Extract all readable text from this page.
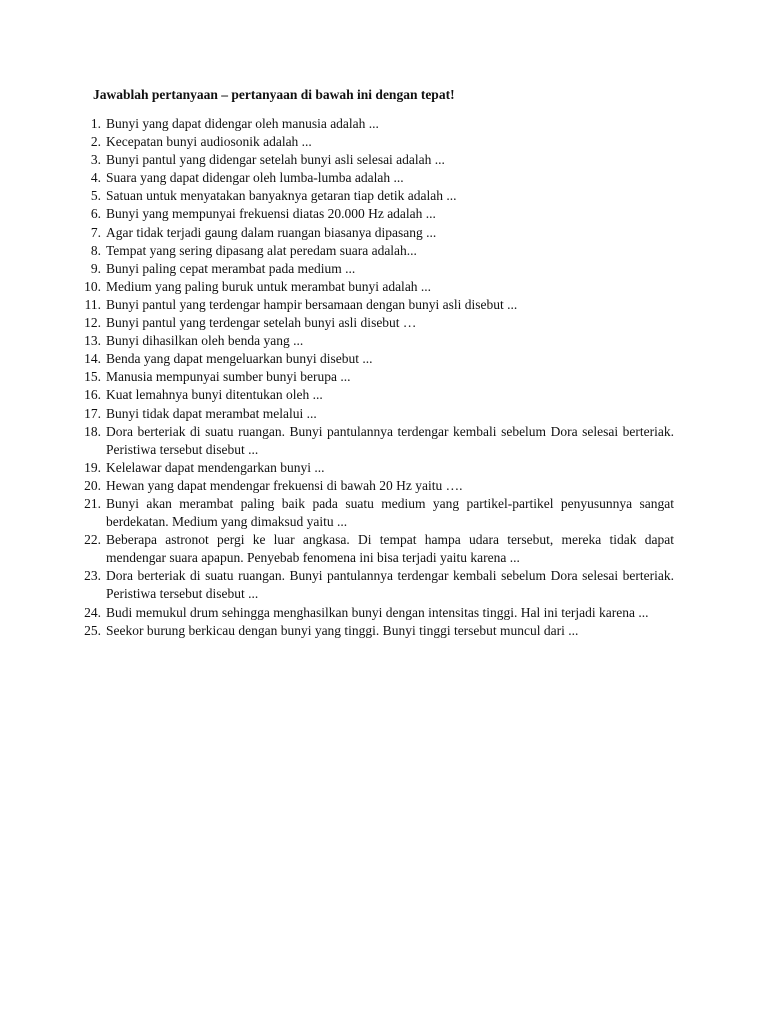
Jawablah pertanyaan – pertanyaan di bawah ini dengan tepat!
1. Bunyi yang dapat didengar oleh manusia adalah ...
2. Kecepatan bunyi audiosonik adalah ...
3. Bunyi pantul yang didengar setelah bunyi asli selesai adalah ...
4. Suara yang dapat didengar oleh lumba-lumba adalah ...
5. Satuan untuk menyatakan banyaknya getaran tiap detik adalah ...
6. Bunyi yang mempunyai frekuensi diatas 20.000 Hz adalah ...
7. Agar tidak terjadi gaung dalam ruangan biasanya dipasang ...
8. Tempat yang sering dipasang alat peredam suara adalah...
9. Bunyi paling cepat merambat pada medium ...
10. Medium yang paling buruk untuk merambat bunyi adalah ...
11. Bunyi pantul yang terdengar hampir bersamaan dengan bunyi asli disebut ...
12. Bunyi pantul yang terdengar setelah bunyi asli disebut …
13. Bunyi dihasilkan oleh benda yang ...
14. Benda yang dapat mengeluarkan bunyi disebut ...
15. Manusia mempunyai sumber bunyi berupa ...
16. Kuat lemahnya bunyi ditentukan oleh ...
17. Bunyi tidak dapat merambat melalui ...
18. Dora berteriak di suatu ruangan. Bunyi pantulannya terdengar kembali sebelum Dora selesai berteriak. Peristiwa tersebut disebut ...
19. Kelelawar dapat mendengarkan bunyi ...
20. Hewan yang dapat mendengar frekuensi di bawah 20 Hz yaitu ….
21. Bunyi akan merambat paling baik pada suatu medium yang partikel-partikel penyusunnya sangat berdekatan. Medium yang dimaksud yaitu ...
22. Beberapa astronot pergi ke luar angkasa. Di tempat hampa udara tersebut, mereka tidak dapat mendengar suara apapun. Penyebab fenomena ini bisa terjadi yaitu karena ...
23. Dora berteriak di suatu ruangan. Bunyi pantulannya terdengar kembali sebelum Dora selesai berteriak. Peristiwa tersebut disebut ...
24. Budi memukul drum sehingga menghasilkan bunyi dengan intensitas tinggi. Hal ini terjadi karena ...
25. Seekor burung berkicau dengan bunyi yang tinggi. Bunyi tinggi tersebut muncul dari ...
